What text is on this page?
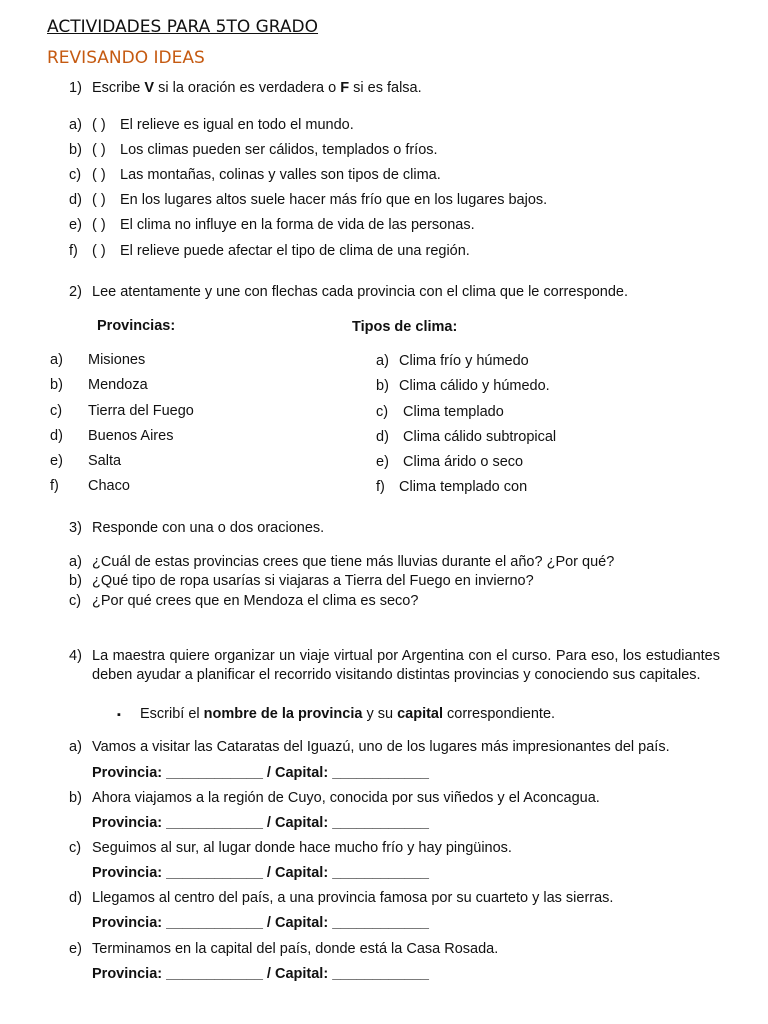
ACTIVIDADES PARA 5TO GRADO
REVISANDO IDEAS
1) Escribe V si la oración es verdadera o F si es falsa.
a) ( ) El relieve es igual en todo el mundo.
b) ( ) Los climas pueden ser cálidos, templados o fríos.
c) ( ) Las montañas, colinas y valles son tipos de clima.
d) ( ) En los lugares altos suele hacer más frío que en los lugares bajos.
e) ( ) El clima no influye en la forma de vida de las personas.
f) ( ) El relieve puede afectar el tipo de clima de una región.
2) Lee atentamente y une con flechas cada provincia con el clima que le corresponde.
Provincias:	Tipos de clima:
a) Misiones
b) Mendoza
c) Tierra del Fuego
d) Buenos Aires
e) Salta
f) Chaco
a) Clima frío y húmedo
b) Clima cálido y húmedo.
c) Clima templado
d) Clima cálido subtropical
e) Clima árido o seco
f) Clima templado con
3) Responde con una o dos oraciones.
a) ¿Cuál de estas provincias crees que tiene más lluvias durante el año? ¿Por qué?
b) ¿Qué tipo de ropa usarías si viajaras a Tierra del Fuego en invierno?
c) ¿Por qué crees que en Mendoza el clima es seco?
4) La maestra quiere organizar un viaje virtual por Argentina con el curso. Para eso, los estudiantes deben ayudar a planificar el recorrido visitando distintas provincias y conociendo sus capitales.
▪ Escribí el nombre de la provincia y su capital correspondiente.
a) Vamos a visitar las Cataratas del Iguazú, uno de los lugares más impresionantes del país.
Provincia: ____________ / Capital: ____________
b) Ahora viajamos a la región de Cuyo, conocida por sus viñedos y el Aconcagua.
Provincia: ____________ / Capital: ____________
c) Seguimos al sur, al lugar donde hace mucho frío y hay pingüinos.
Provincia: ____________ / Capital: ____________
d) Llegamos al centro del país, a una provincia famosa por su cuarteto y las sierras.
Provincia: ____________ / Capital: ____________
e) Terminamos en la capital del país, donde está la Casa Rosada.
Provincia: ____________ / Capital: ____________
